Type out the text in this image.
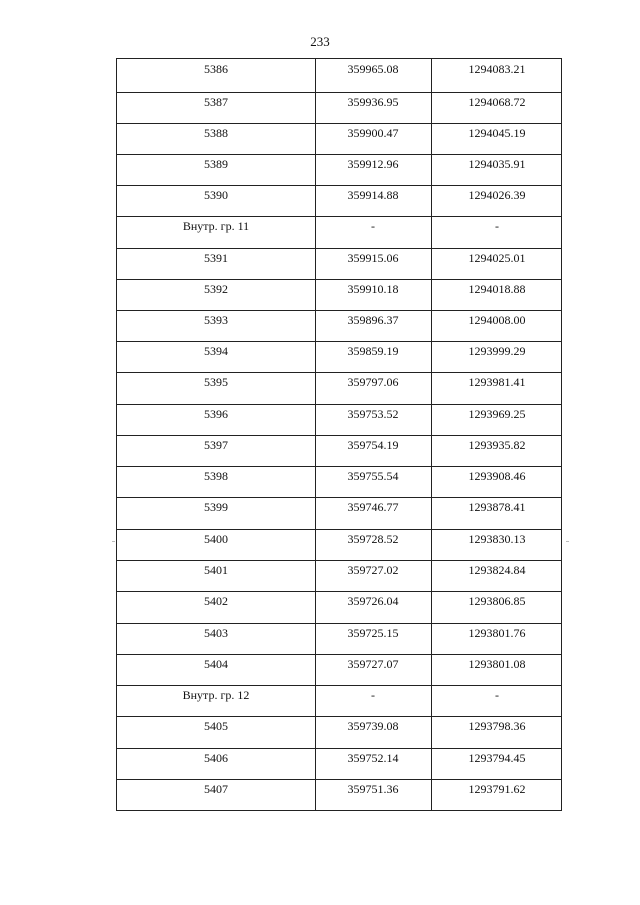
233
5386	359965.08	1294083.21
5387	359936.95	1294068.72
5388	359900.47	1294045.19
5389	359912.96	1294035.91
5390	359914.88	1294026.39
Внутр. гр. 11	-	-
5391	359915.06	1294025.01
5392	359910.18	1294018.88
5393	359896.37	1294008.00
5394	359859.19	1293999.29
5395	359797.06	1293981.41
5396	359753.52	1293969.25
5397	359754.19	1293935.82
5398	359755.54	1293908.46
5399	359746.77	1293878.41
5400	359728.52	1293830.13
5401	359727.02	1293824.84
5402	359726.04	1293806.85
5403	359725.15	1293801.76
5404	359727.07	1293801.08
Внутр. гр. 12	-	-
5405	359739.08	1293798.36
5406	359752.14	1293794.45
5407	359751.36	1293791.62
